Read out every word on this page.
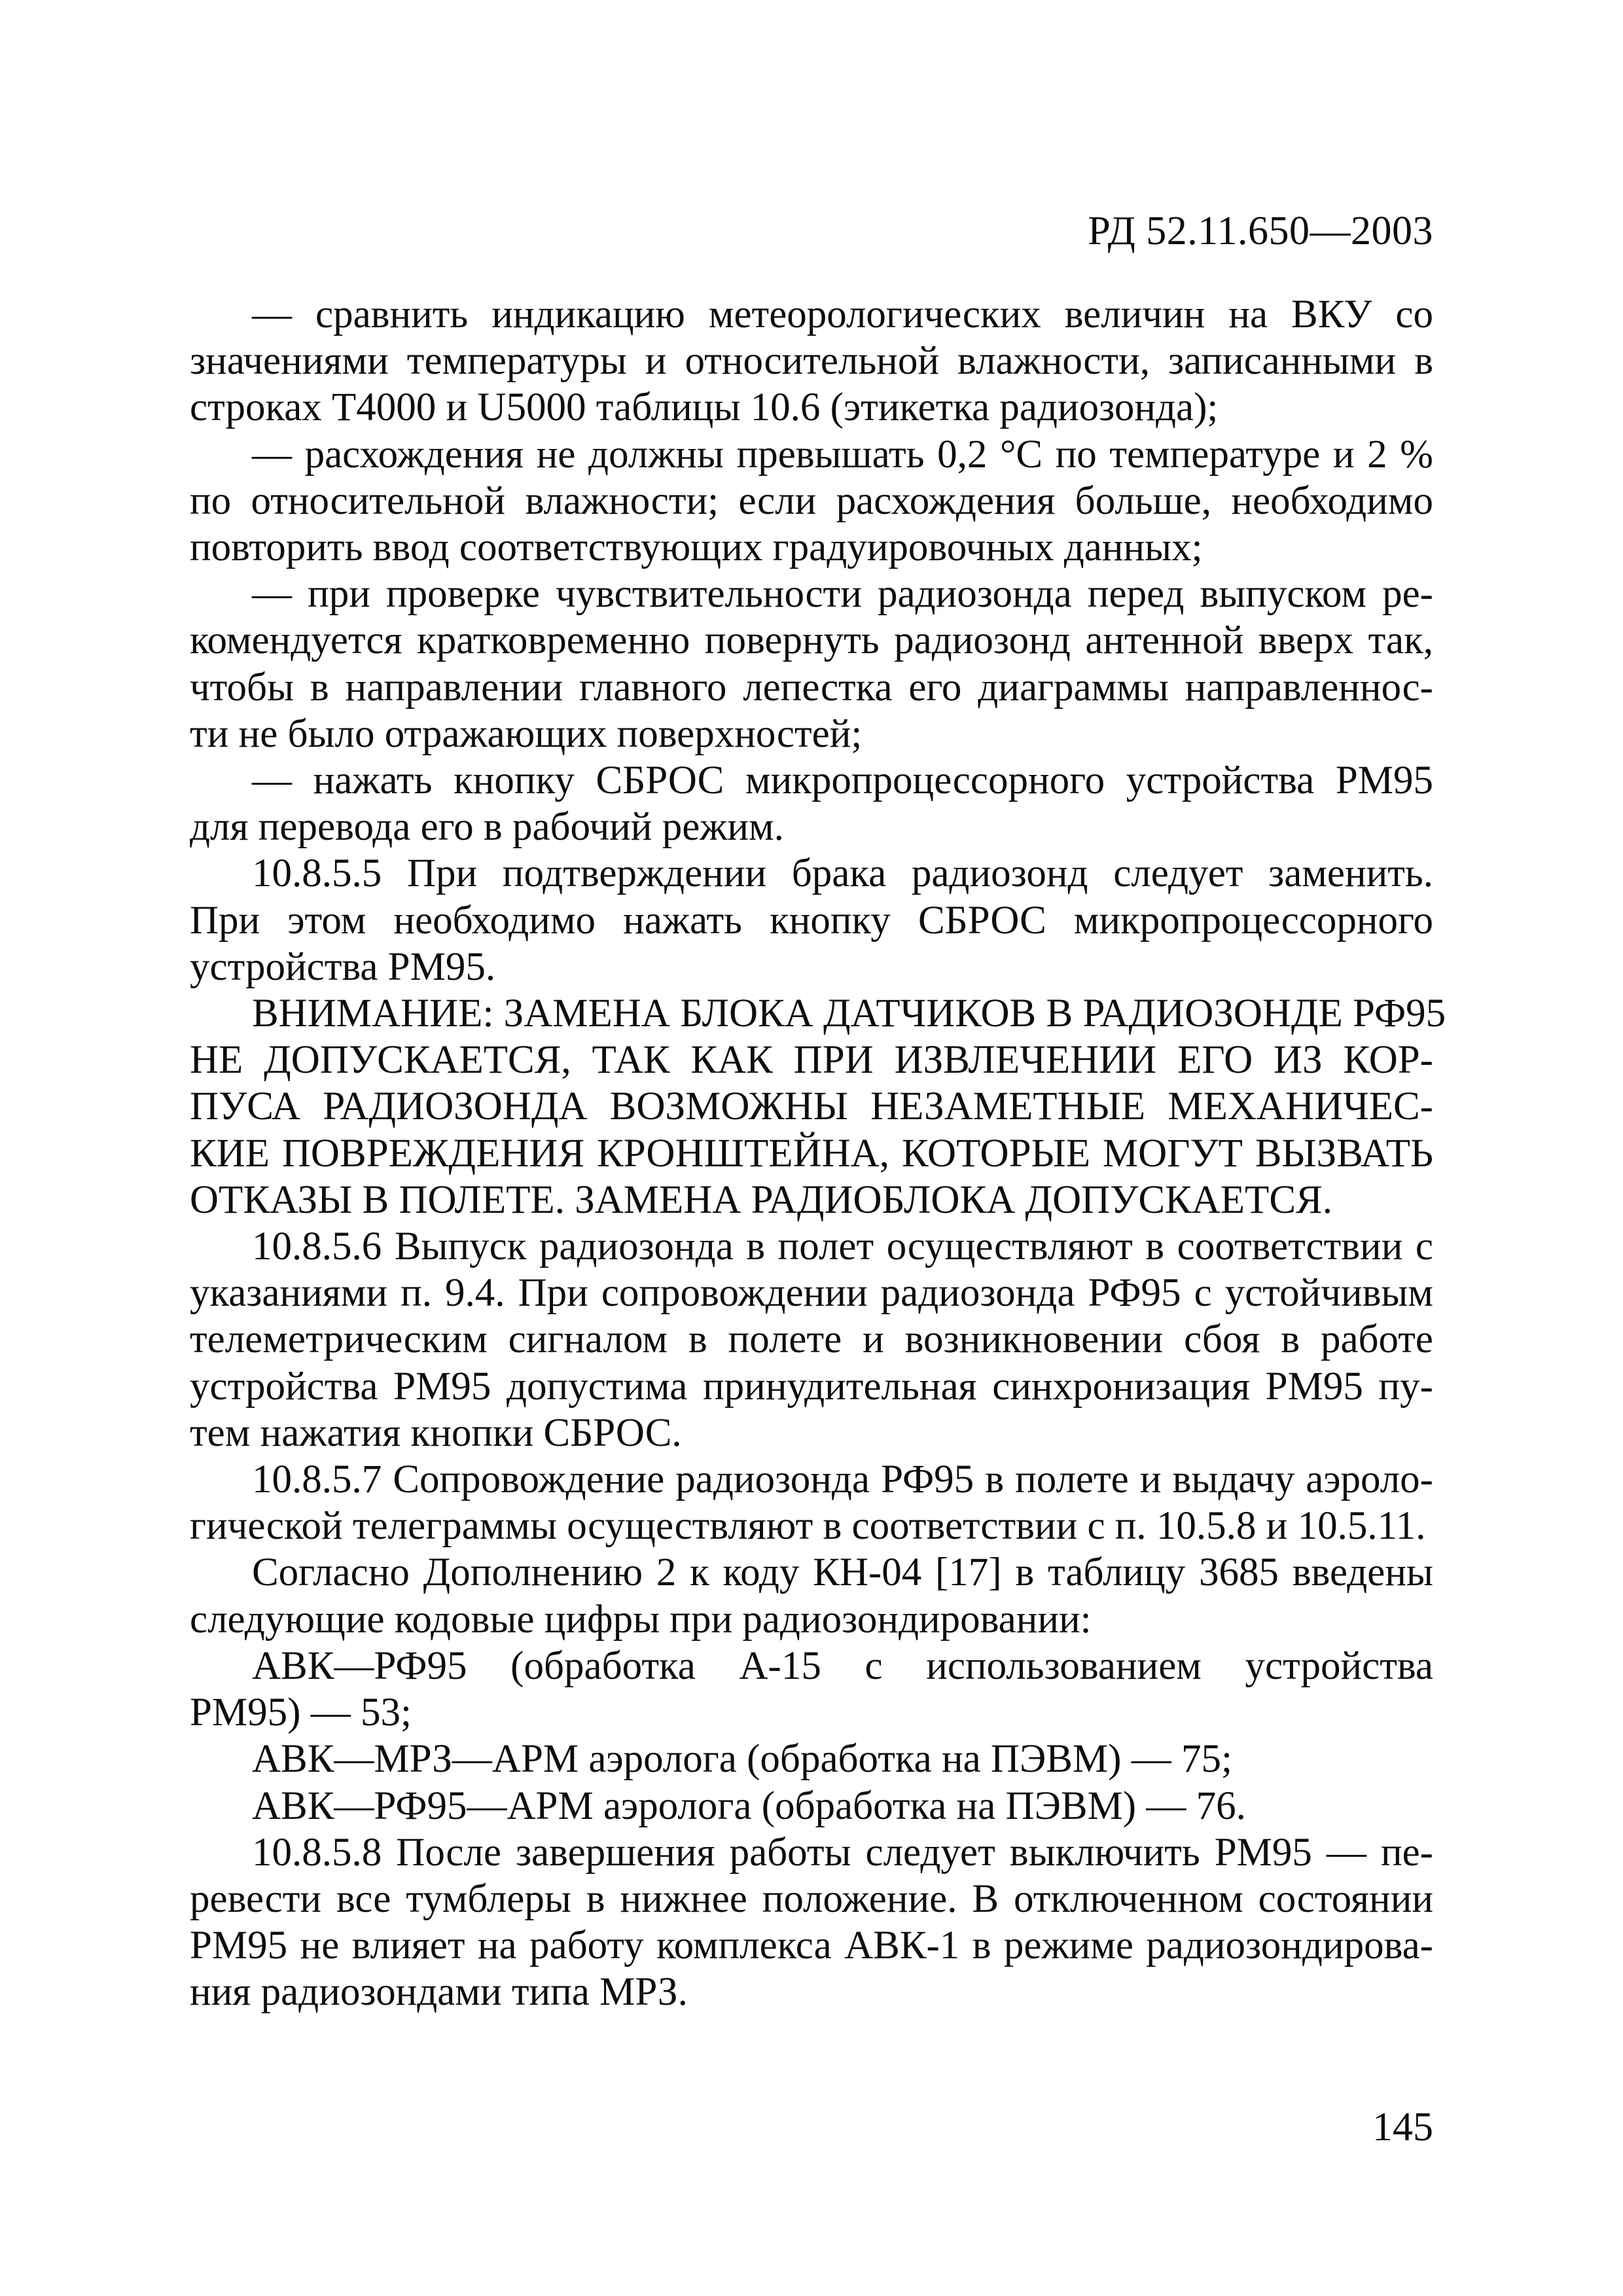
РД 52.11.650—2003
— сравнить индикацию метеорологических величин на ВКУ со
значениями температуры и относительной влажности, записанными в
строках T4000 и U5000 таблицы 10.6 (этикетка радиозонда);
— расхождения не должны превышать 0,2 °С по температуре и 2 %
по относительной влажности; если расхождения больше, необходимо
повторить ввод соответствующих градуировочных данных;
— при проверке чувствительности радиозонда перед выпуском ре-
комендуется кратковременно повернуть радиозонд антенной вверх так,
чтобы в направлении главного лепестка его диаграммы направленнос-
ти не было отражающих поверхностей;
— нажать кнопку СБРОС микропроцессорного устройства РМ95
для перевода его в рабочий режим.
10.8.5.5 При подтверждении брака радиозонд следует заменить.
При этом необходимо нажать кнопку СБРОС микропроцессорного
устройства РМ95.
ВНИМАНИЕ: ЗАМЕНА БЛОКА ДАТЧИКОВ В РАДИОЗОНДЕ РФ95
НЕ ДОПУСКАЕТСЯ, ТАК КАК ПРИ ИЗВЛЕЧЕНИИ ЕГО ИЗ КОР-
ПУСА РАДИОЗОНДА ВОЗМОЖНЫ НЕЗАМЕТНЫЕ МЕХАНИЧЕС-
КИЕ ПОВРЕЖДЕНИЯ КРОНШТЕЙНА, КОТОРЫЕ МОГУТ ВЫЗВАТЬ
ОТКАЗЫ В ПОЛЕТЕ. ЗАМЕНА РАДИОБЛОКА ДОПУСКАЕТСЯ.
10.8.5.6 Выпуск радиозонда в полет осуществляют в соответствии с
указаниями п. 9.4. При сопровождении радиозонда РФ95 с устойчивым
телеметрическим сигналом в полете и возникновении сбоя в работе
устройства РМ95 допустима принудительная синхронизация РМ95 пу-
тем нажатия кнопки СБРОС.
10.8.5.7 Сопровождение радиозонда РФ95 в полете и выдачу аэроло-
гической телеграммы осуществляют в соответствии с п. 10.5.8 и 10.5.11.
Согласно Дополнению 2 к коду КН-04 [17] в таблицу 3685 введены
следующие кодовые цифры при радиозондировании:
АВК—РФ95 (обработка А-15 с использованием устройства
РМ95) — 53;
АВК—МРЗ—АРМ аэролога (обработка на ПЭВМ) — 75;
АВК—РФ95—АРМ аэролога (обработка на ПЭВМ) — 76.
10.8.5.8 После завершения работы следует выключить РМ95 — пе-
ревести все тумблеры в нижнее положение. В отключенном состоянии
РМ95 не влияет на работу комплекса АВК-1 в режиме радиозондирова-
ния радиозондами типа МРЗ.
145
